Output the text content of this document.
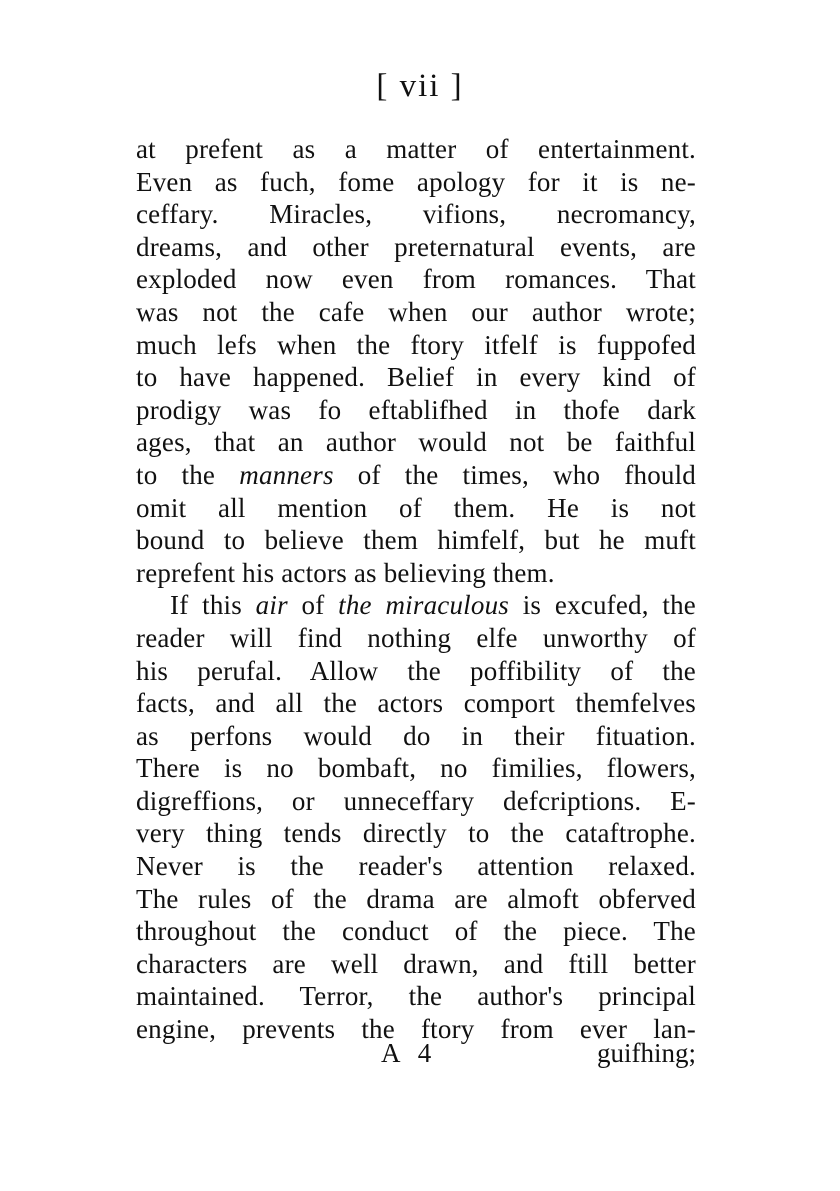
[ vii ]
at prefent as a matter of entertainment.
Even as fuch, fome apology for it is ne-
ceffary. Miracles, vifions, necromancy,
dreams, and other preternatural events, are
exploded now even from romances. That
was not the cafe when our author wrote;
much lefs when the ftory itfelf is fuppofed
to have happened. Belief in every kind of
prodigy was fo eftablifhed in thofe dark
ages, that an author would not be faithful
to the manners of the times, who fhould
omit all mention of them. He is not
bound to believe them himfelf, but he muft
reprefent his actors as believing them.
If this air of the miraculous is excufed, the
reader will find nothing elfe unworthy of
his perufal. Allow the poffibility of the
facts, and all the actors comport themfelves
as perfons would do in their fituation.
There is no bombaft, no fimilies, flowers,
digreffions, or unneceffary defcriptions. E-
very thing tends directly to the cataftrophe.
Never is the reader's attention relaxed.
The rules of the drama are almoft obferved
throughout the conduct of the piece. The
characters are well drawn, and ftill better
maintained. Terror, the author's principal
engine, prevents the ftory from ever lan-
A 4	guifhing;
